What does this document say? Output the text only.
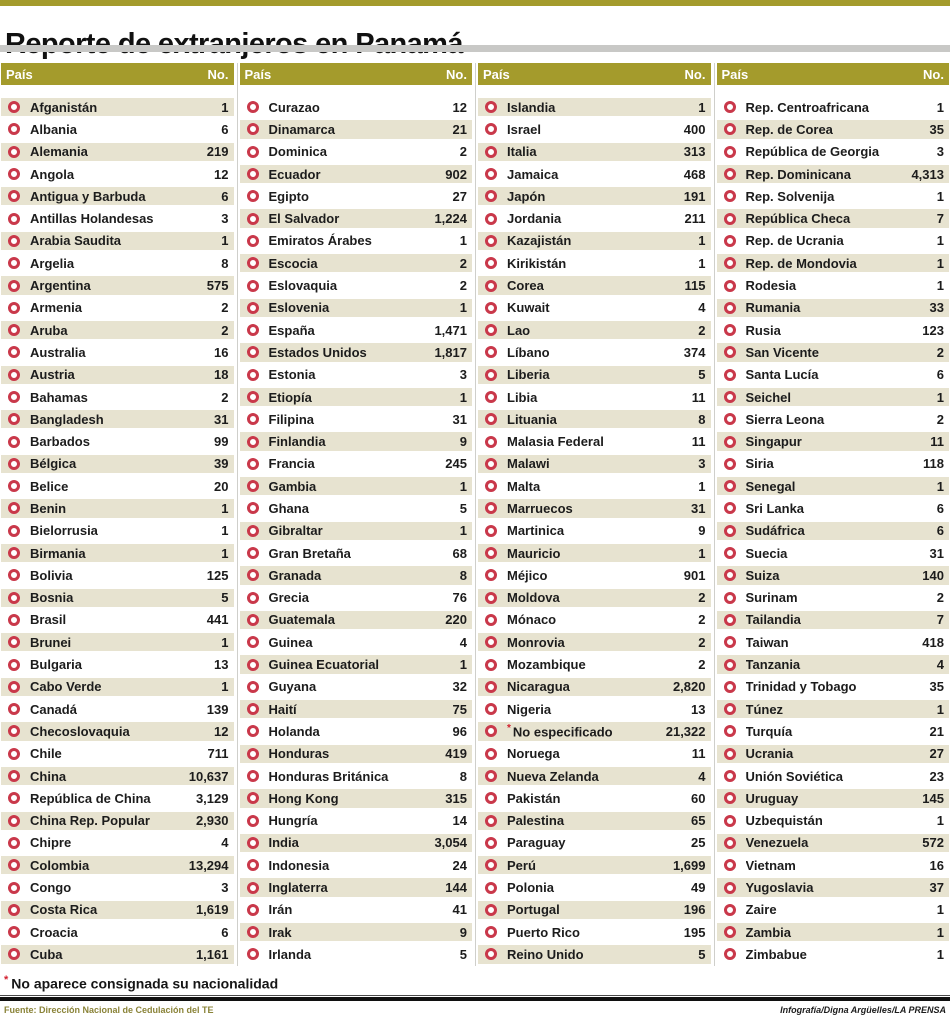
País	No.
Afganistán	1
Albania	6
Alemania	219
Angola	12
Antigua y Barbuda	6
Antillas Holandesas	3
Arabia Saudita	1
Argelia	8
Argentina	575
Armenia	2
Aruba	2
Australia	16
Austria	18
Bahamas	2
Bangladesh	31
Barbados	99
Bélgica	39
Belice	20
Benin	1
Bielorrusia	1
Birmania	1
Bolivia	125
Bosnia	5
Brasil	441
Brunei	1
Bulgaria	13
Cabo Verde	1
Canadá	139
Checoslovaquia	12
Chile	711
China	10,637
República de China	3,129
China Rep. Popular	2,930
Chipre	4
Colombia	13,294
Congo	3
Costa Rica	1,619
Croacia	6
Cuba	1,161
País	No.
Curazao	12
Dinamarca	21
Dominica	2
Ecuador	902
Egipto	27
El Salvador	1,224
Emiratos Árabes	1
Escocia	2
Eslovaquia	2
Eslovenia	1
España	1,471
Estados Unidos	1,817
Estonia	3
Etiopía	1
Filipina	31
Finlandia	9
Francia	245
Gambia	1
Ghana	5
Gibraltar	1
Gran Bretaña	68
Granada	8
Grecia	76
Guatemala	220
Guinea	4
Guinea Ecuatorial	1
Guyana	32
Haití	75
Holanda	96
Honduras	419
Honduras Británica	8
Hong Kong	315
Hungría	14
India	3,054
Indonesia	24
Inglaterra	144
Irán	41
Irak	9
Irlanda	5
País	No.
Islandia	1
Israel	400
Italia	313
Jamaica	468
Japón	191
Jordania	211
Kazajistán	1
Kirikistán	1
Corea	115
Kuwait	4
Lao	2
Líbano	374
Liberia	5
Libia	11
Lituania	8
Malasia Federal	11
Malawi	3
Malta	1
Marruecos	31
Martinica	9
Mauricio	1
Méjico	901
Moldova	2
Mónaco	2
Monrovia	2
Mozambique	2
Nicaragua	2,820
Nigeria	13
* No especificado	21,322
Noruega	11
Nueva Zelanda	4
Pakistán	60
Palestina	65
Paraguay	25
Perú	1,699
Polonia	49
Portugal	196
Puerto Rico	195
Reino Unido	5
País	No.
Rep. Centroafricana	1
Rep. de Corea	35
República de Georgia	3
Rep. Dominicana	4,313
Rep. Solvenija	1
República Checa	7
Rep. de Ucrania	1
Rep. de Mondovia	1
Rodesia	1
Rumania	33
Rusia	123
San Vicente	2
Santa Lucía	6
Seichel	1
Sierra Leona	2
Singapur	11
Siria	118
Senegal	1
Sri Lanka	6
Sudáfrica	6
Suecia	31
Suiza	140
Surinam	2
Tailandia	7
Taiwan	418
Tanzania	4
Trinidad y Tobago	35
Túnez	1
Turquía	21
Ucrania	27
Unión Soviética	23
Uruguay	145
Uzbequistán	1
Venezuela	572
Vietnam	16
Yugoslavia	37
Zaire	1
Zambia	1
Zimbabue	1
* No aparece consignada su nacionalidad
Fuente: Dirección Nacional de Cedulación del TE	Infografía/Digna Argüelles/LA PRENSA
